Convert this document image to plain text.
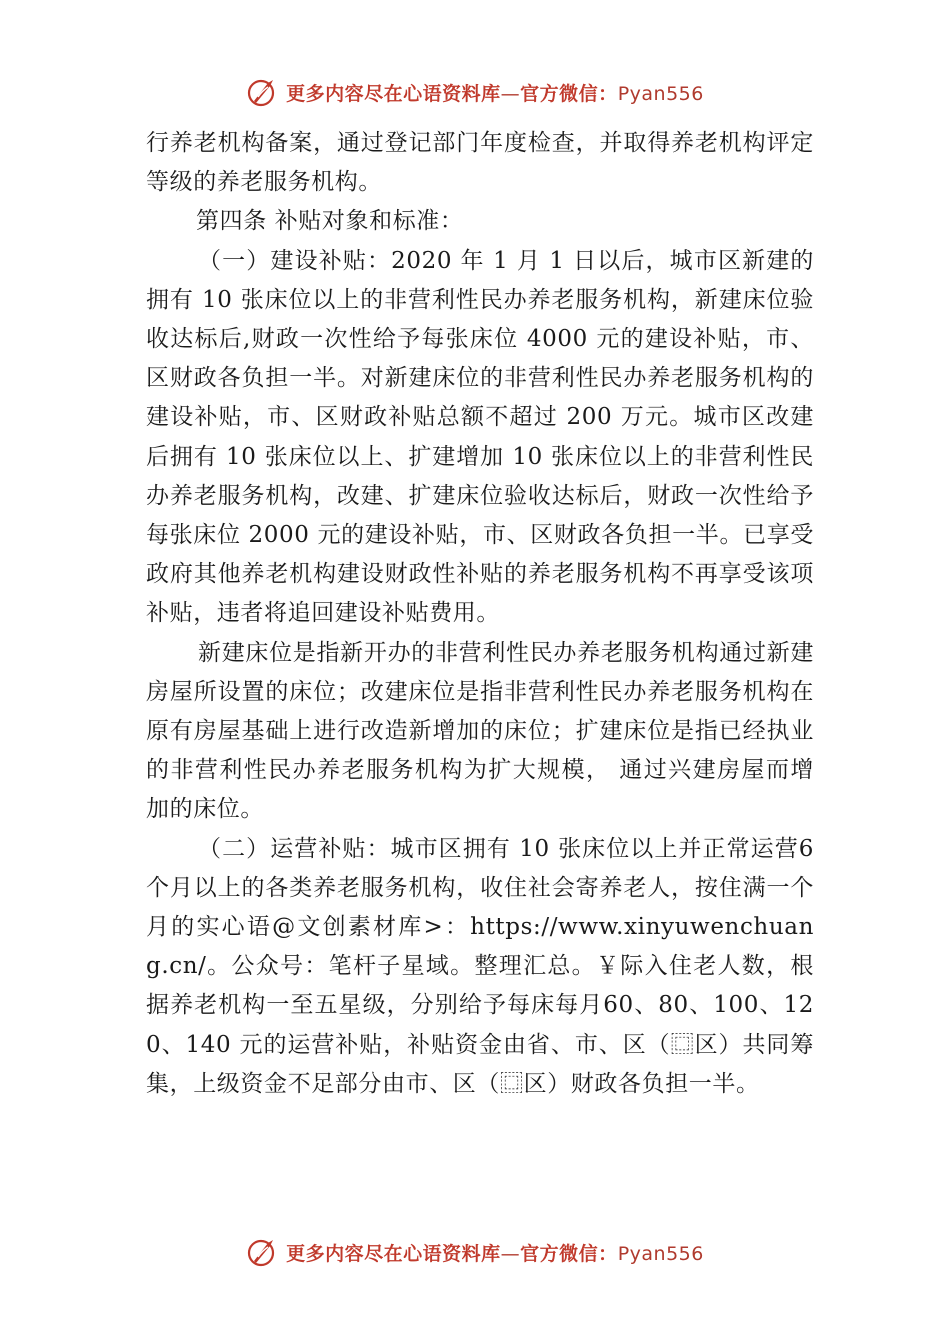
更多内容尽在心语资料库—官方微信：Pyan556

行养老机构备案，通过登记部门年度检查，并取得养老机构评定等级的养老服务机构。

第四条 补贴对象和标准：

（一）建设补贴：2020 年 1 月 1 日以后，城市区新建的拥有 10 张床位以上的非营利性民办养老服务机构，新建床位验收达标后,财政一次性给予每张床位 4000 元的建设补贴，市、区财政各负担一半。对新建床位的非营利性民办养老服务机构的建设补贴，市、区财政补贴总额不超过 200 万元。城市区改建后拥有 10 张床位以上、扩建增加 10 张床位以上的非营利性民办养老服务机构，改建、扩建床位验收达标后，财政一次性给予每张床位 2000 元的建设补贴，市、区财政各负担一半。已享受政府其他养老机构建设财政性补贴的养老服务机构不再享受该项补贴，违者将追回建设补贴费用。

新建床位是指新开办的非营利性民办养老服务机构通过新建房屋所设置的床位；改建床位是指非营利性民办养老服务机构在原有房屋基础上进行改造新增加的床位；扩建床位是指已经执业的非营利性民办养老服务机构为扩大规模， 通过兴建房屋而增加的床位。

（二）运营补贴：城市区拥有 10 张床位以上并正常运营6 个月以上的各类养老服务机构，收住社会寄养老人，按住满一个月的实心语@文创素材库>：https://www.xinyuwenchuang.cn/。公众号：笔杆子星域。整理汇总。￥际入住老人数，根据养老机构一至五星级，分别给予每床每月60、80、100、120、140 元的运营补贴，补贴资金由省、市、区（⿴区）共同筹集，上级资金不足部分由市、区（⿴区）财政各负担一半。

更多内容尽在心语资料库—官方微信：Pyan556
